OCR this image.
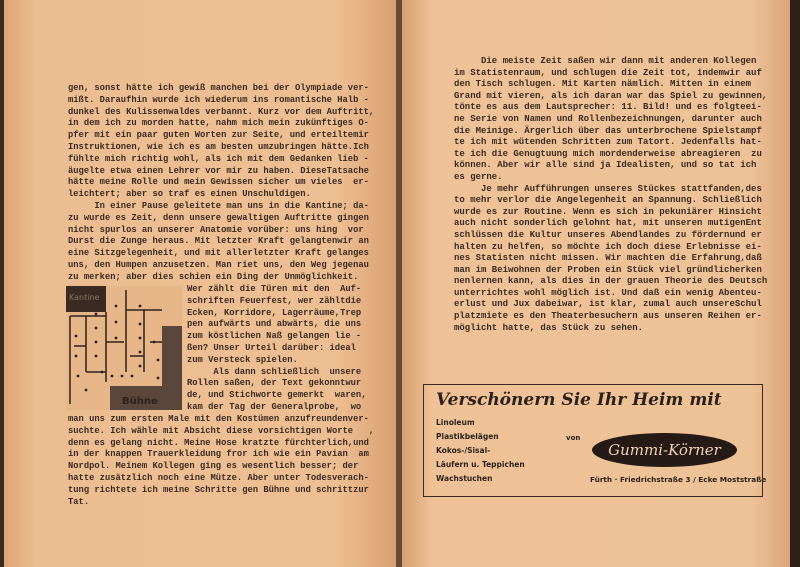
gen, sonst hätte ich gewiß manchen bei der Olympiade ver-
mißt. Daraufhin wurde ich wiederum ins romantische Halb -
dunkel des Kulissenwaldes verbannt. Kurz vor dem Auftritt,
in dem ich zu morden hatte, nahm mich mein zukünftiges O-
pfer mit ein paar guten Worten zur Seite, und erteiltemir
Instruktionen, wie ich es am besten umzubringen hätte.Ich
fühlte mich richtig wohl, als ich mit dem Gedanken lieb -
äugelte etwa einen Lehrer vor mir zu haben. DieseTatsache
hätte meine Rolle und mein Gewissen sicher um vieles  er-
leichtert; aber so traf es einen Unschuldigen.
In einer Pause geleitete man uns in die Kantine; da-
zu wurde es Zeit, denn unsere gewaltigen Auftritte gingen
nicht spurlos an unserer Anatomie vorüber: uns hing  vor
Durst die Zunge heraus. Mit letzter Kraft gelangtenwir an
eine Sitzgelegenheit, und mit allerletzter Kraft gelanges
uns, den Humpen anzusetzen. Man riet uns, den Weg jegenau
zu merken; aber dies schien ein Ding der Unmöglichkeit.
Kantine
Bühne
Wer zählt die Türen mit den  Auf-
schriften Feuerfest, wer zähltdie
Ecken, Korridore, Lagerräume,Trep
pen aufwärts und abwärts, die uns
zum köstlichen Naß gelangen lie -
ßen? Unser Urteil darüber: ideal
zum Versteck spielen.
Als dann schließlich  unsere
Rollen saßen, der Text gekonntwur
de, und Stichworte gemerkt  waren,
kam der Tag der Generalprobe,  wo
man uns zum ersten Male mit den Kostümen anzufreundenver-
suchte. Ich wähle mit Absicht diese vorsichtigen Worte   ,
denn es gelang nicht. Meine Hose kratzte fürchterlich,und
in der knappen Trauerkleidung fror ich wie ein Pavian  am
Nordpol. Meinem Kollegen ging es wesentlich besser; der
hatte zusätzlich noch eine Mütze. Aber unter Todesverach-
tung richtete ich meine Schritte gen Bühne und schrittzur
Tat.
Die meiste Zeit saßen wir dann mit anderen Kollegen
im Statistenraum, und schlugen die Zeit tot, indemwir auf
den Tisch schlugen. Mit Karten nämlich. Mitten in einem
Grand mit vieren, als ich daran war das Spiel zu gewinnen,
tönte es aus dem Lautsprecher: 11. Bild! und es folgteei-
ne Serie von Namen und Rollenbezeichnungen, darunter auch
die Meinige. Ärgerlich über das unterbrochene Spielstampf
te ich mit wütenden Schritten zum Tatort. Jedenfalls hat-
te ich die Genugtuung mich mordenderweise abreagieren  zu
können. Aber wir alle sind ja Idealisten, und so tat ich
es gerne.
Je mehr Aufführungen unseres Stückes stattfanden,des
to mehr verlor die Angelegenheit an Spannung. Schließlich
wurde es zur Routine. Wenn es sich in pekuniärer Hinsicht
auch nicht sonderlich gelohnt hat, mit unseren mutigenEnt
schlüssen die Kultur unseres Abendlandes zu fördernund er
halten zu helfen, so möchte ich doch diese Erlebnisse ei-
nes Statisten nicht missen. Wir machten die Erfahrung,daß
man im Beiwohnen der Proben ein Stück viel gründlicherken
nenlernen kann, als dies in der grauen Theorie des Deutsch
unterrichtes wohl möglich ist. Und daß ein wenig Abenteu-
erlust und Jux dabeiwar, ist klar, zumal auch unsereSchul
platzmiete es den Theaterbesuchern aus unseren Reihen er-
möglicht hatte, das Stück zu sehen.
Verschönern Sie Ihr Heim mit
Linoleum
Plastikbelägen
Kokos-/Sisal-
Läufern u. Teppichen
Wachstuchen
von
Gummi-Körner
Fürth · Friedrichstraße 3 / Ecke Moststraße
